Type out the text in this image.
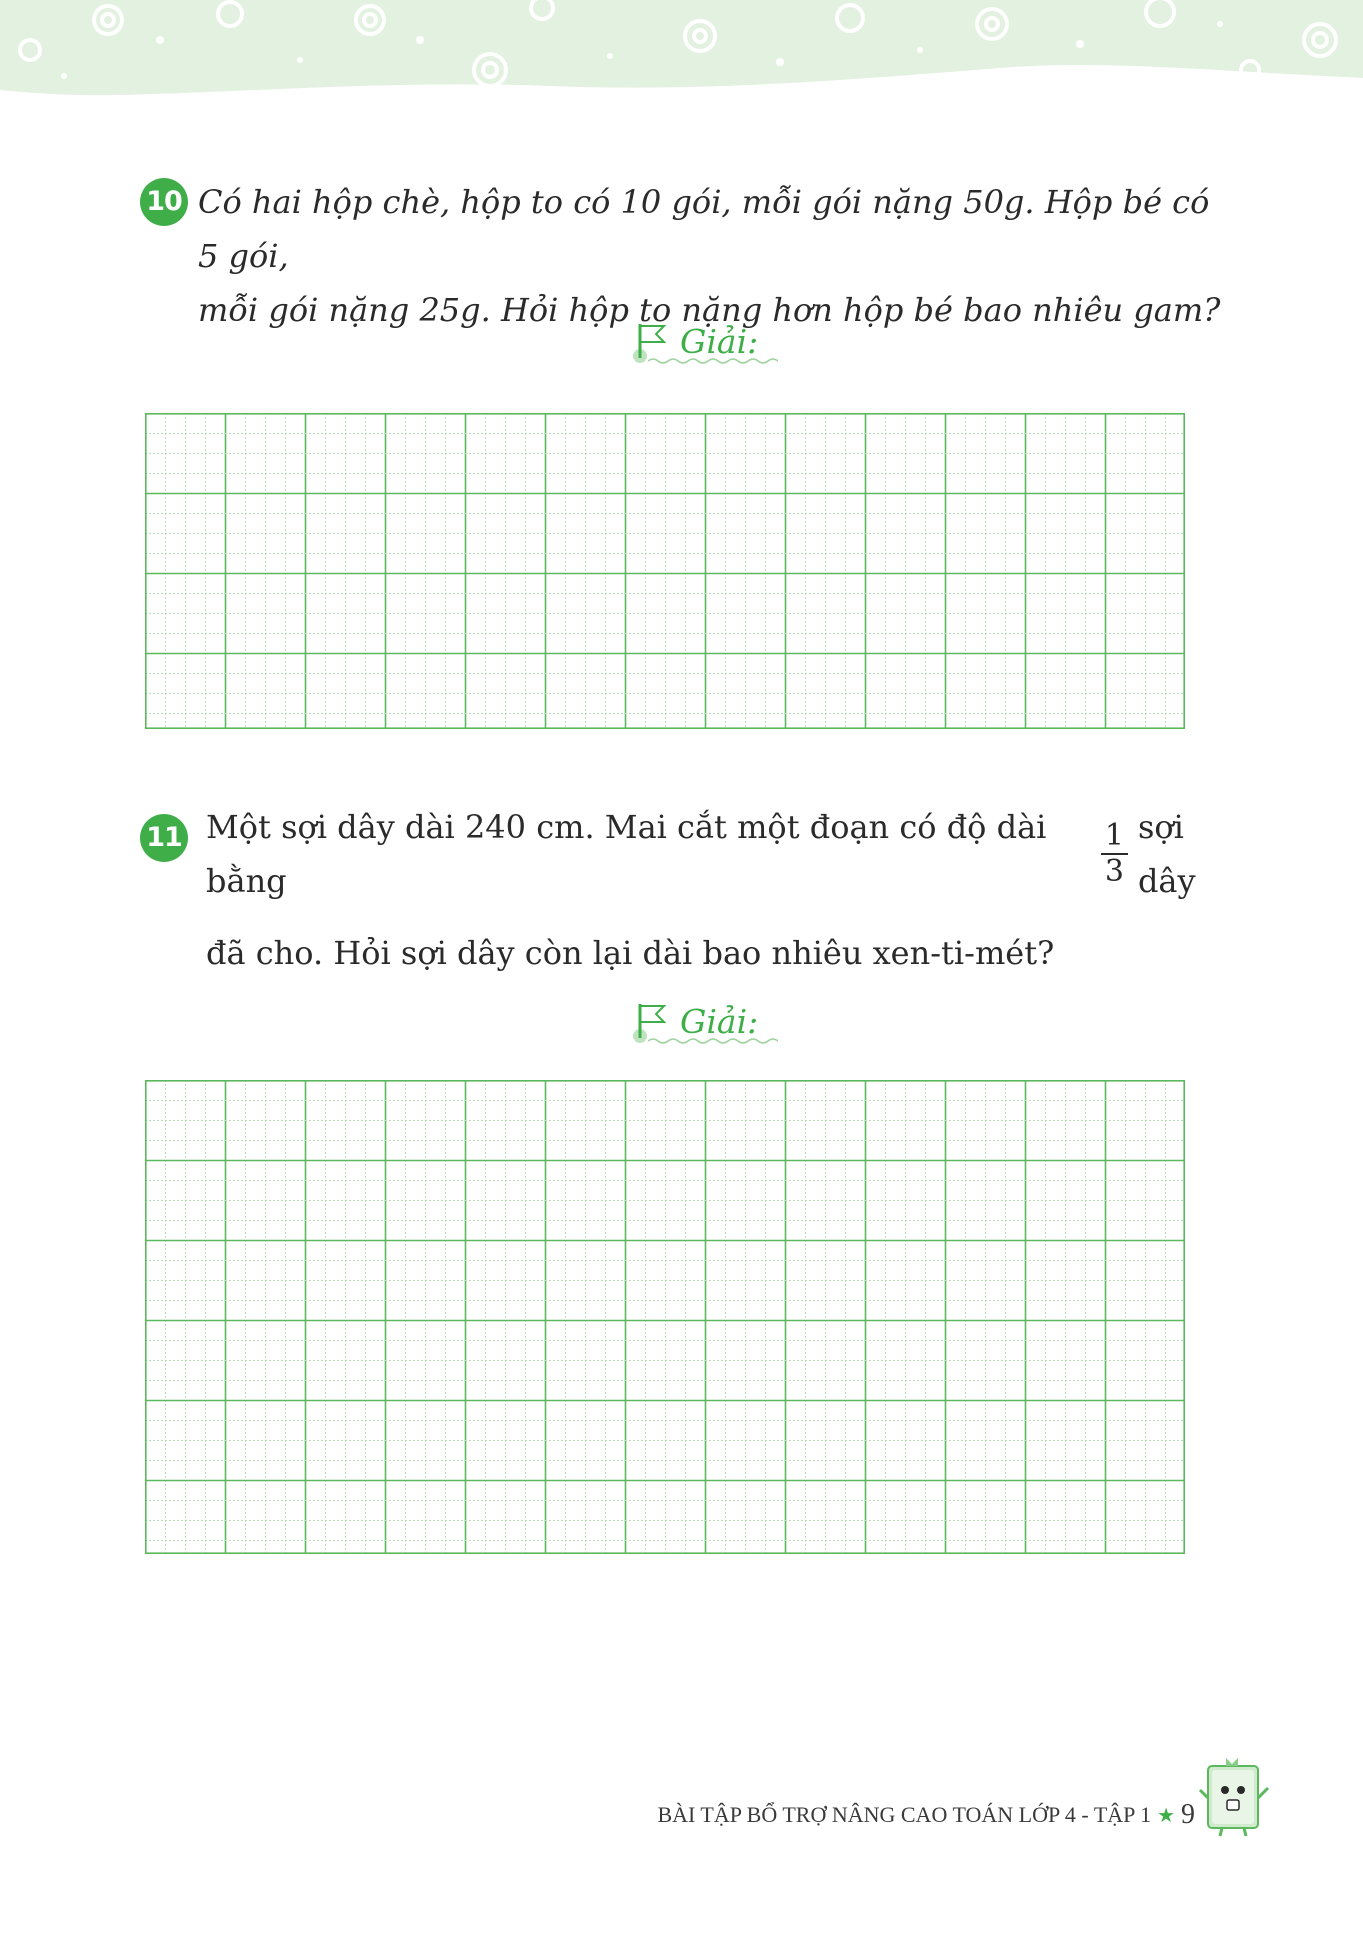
10 Có hai hộp chè, hộp to có 10 gói, mỗi gói nặng 50g. Hộp bé có 5 gói,
mỗi gói nặng 25g. Hỏi hộp to nặng hơn hộp bé bao nhiêu gam?
Giải:
11 Một sợi dây dài 240 cm. Mai cắt một đoạn có độ dài bằng	$\frac{1}{3}$ sợi dây
đã cho. Hỏi sợi dây còn lại dài bao nhiêu xen-ti-mét?
Giải:
BÀI TẬP BỔ TRỢ NÂNG CAO TOÁN LỚP 4 - TẬP 1 ★ 9
